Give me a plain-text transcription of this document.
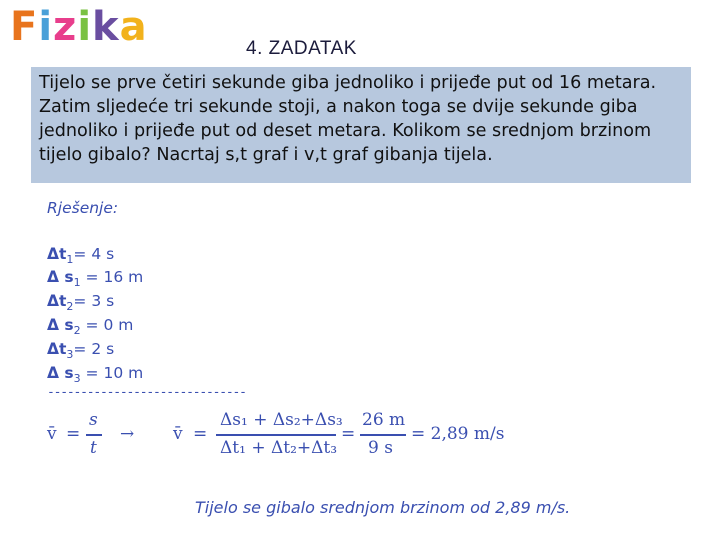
Fizika	4. ZADATAK
Tijelo se prve četiri sekunde giba jednoliko i prijeđe put od 16 metara.
Zatim sljedeće tri sekunde stoji, a nakon toga se dvije sekunde giba
jednoliko i prijeđe put od deset metara. Kolikom se srednjom brzinom
tijelo gibalo? Nacrtaj s,t graf i v,t graf gibanja tijela.
Rješenje:
$\Delta t_1= 4$ s
Δ $s_1 = 16$ m
$\Delta t_2= 3$ s
Δ $s_2 = 0$ m
$\Delta t_3= 2$ s
Δ $s_3 = 10$ m
------------------------------
v̄ =
s
t
→ v̄ =
Δs₁ + Δs₂+Δs₃
Δt₁ + Δt₂+Δt₃
=
26 m
9 s
= 2,89 m/s
Tijelo se gibalo srednjom brzinom od 2,89 m/s.
